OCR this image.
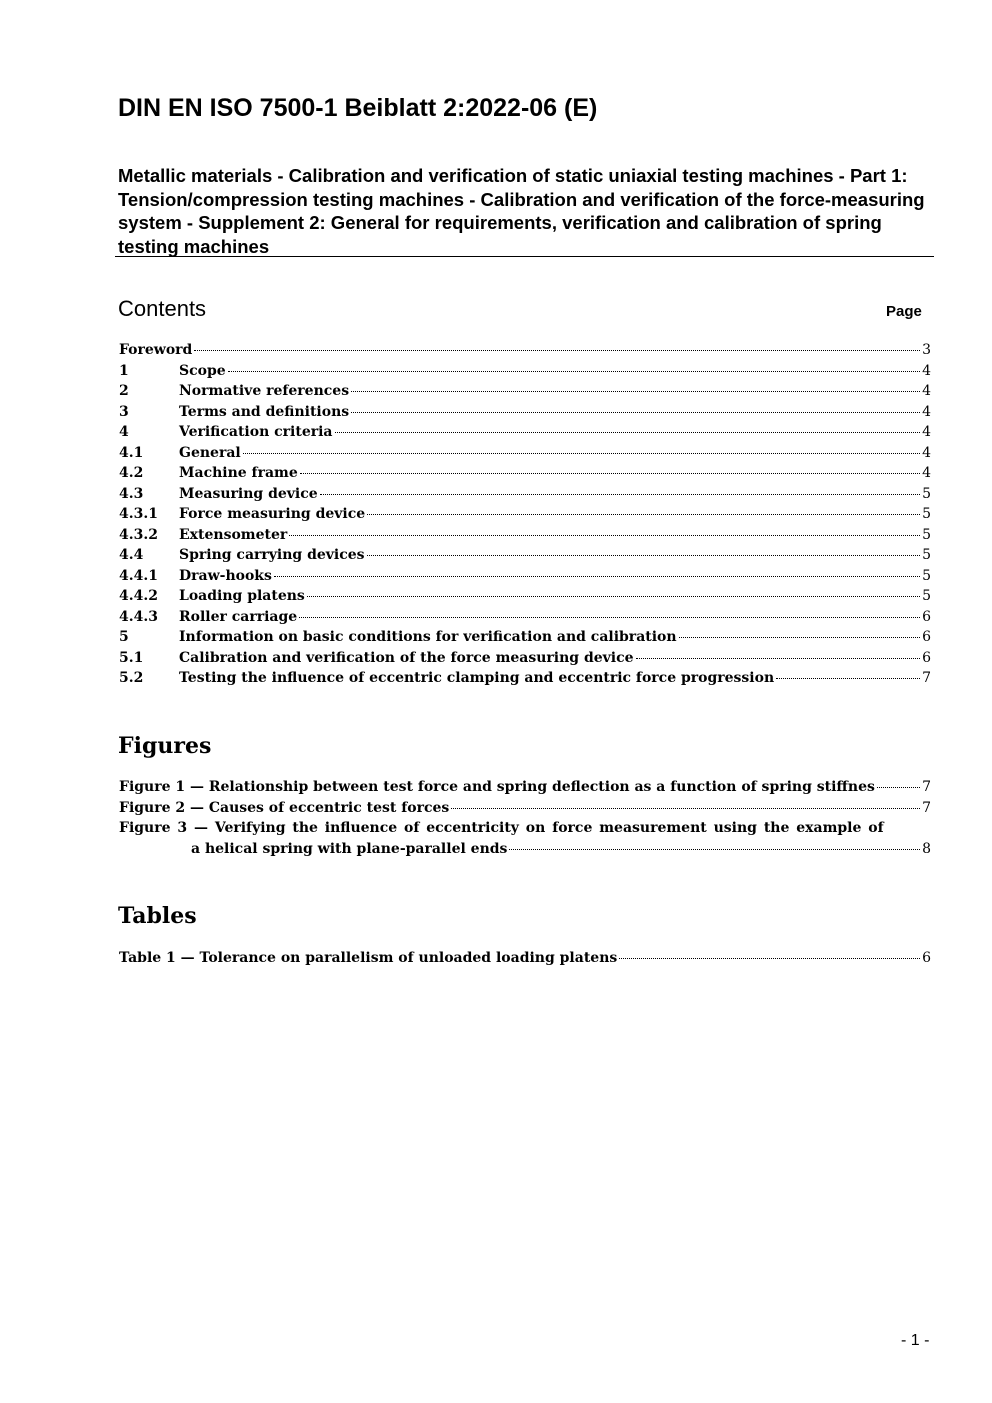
DIN EN ISO 7500-1 Beiblatt 2:2022-06 (E)
Metallic materials - Calibration and verification of static uniaxial testing machines - Part 1: Tension/compression testing machines - Calibration and verification of the force-measuring system - Supplement 2: General for requirements, verification and calibration of spring testing machines
Contents	Page
Foreword	3
1	Scope	4
2	Normative references	4
3	Terms and definitions	4
4	Verification criteria	4
4.1	General	4
4.2	Machine frame	4
4.3	Measuring device	5
4.3.1	Force measuring device	5
4.3.2	Extensometer	5
4.4	Spring carrying devices	5
4.4.1	Draw-hooks	5
4.4.2	Loading platens	5
4.4.3	Roller carriage	6
5	Information on basic conditions for verification and calibration	6
5.1	Calibration and verification of the force measuring device	6
5.2	Testing the influence of eccentric clamping and eccentric force progression	7
Figures
Figure 1 — Relationship between test force and spring deflection as a function of spring stiffnes	7
Figure 2 — Causes of eccentric test forces	7
Figure 3 — Verifying the influence of eccentricity on force measurement using the example of
a helical spring with plane-parallel ends	8
Tables
Table 1 — Tolerance on parallelism of unloaded loading platens	6
- 1 -
